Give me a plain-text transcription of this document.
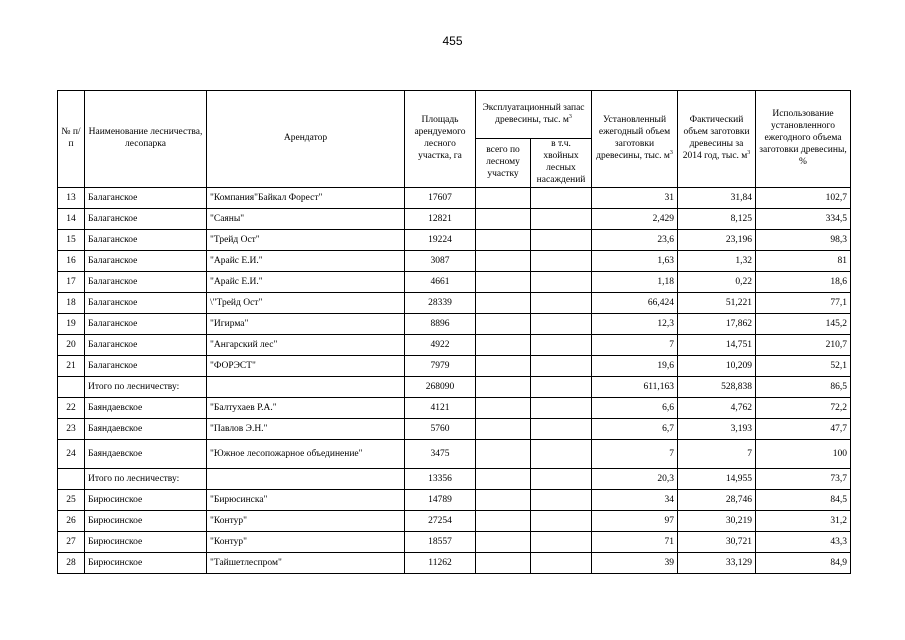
455
№ п/п	Наименование лесничества, лесопарка	Арендатор	Площадь арендуемого лесного участка, га	Эксплуатационный запас древесины, тыс. $м^3$		Установленный ежегодный объем заготовки древесины, тыс. $м^3$	Фактический объем заготовки древесины за 2014 год, тыс. $м^3$	Использование установленного ежегодного объема заготовки древесины, %
				всего по лесному участку	в т.ч. хвойных лесных насаждений			
13	Балаганское	"Компания"Байкал Форест"	17607			31	31,84	102,7
14	Балаганское	"Саяны"	12821			2,429	8,125	334,5
15	Балаганское	"Трейд Ост"	19224			23,6	23,196	98,3
16	Балаганское	"Арайс Е.И."	3087			1,63	1,32	81
17	Балаганское	"Арайс Е.И."	4661			1,18	0,22	18,6
18	Балаганское	\"Трейд Ост"	28339			66,424	51,221	77,1
19	Балаганское	"Игирма"	8896			12,3	17,862	145,2
20	Балаганское	"Ангарский лес"	4922			7	14,751	210,7
21	Балаганское	"ФОРЭСТ"	7979			19,6	10,209	52,1
	Итого по лесничеству:		268090			611,163	528,838	86,5
22	Баяндаевское	"Балтухаев Р.А."	4121			6,6	4,762	72,2
23	Баяндаевское	"Павлов Э.Н."	5760			6,7	3,193	47,7
24	Баяндаевское	"Южное лесопожарное объединение"	3475			7	7	100
	Итого по лесничеству:		13356			20,3	14,955	73,7
25	Бирюсинское	"Бирюсинска"	14789			34	28,746	84,5
26	Бирюсинское	"Контур"	27254			97	30,219	31,2
27	Бирюсинское	"Контур"	18557			71	30,721	43,3
28	Бирюсинское	"Тайшетлеспром"	11262			39	33,129	84,9
